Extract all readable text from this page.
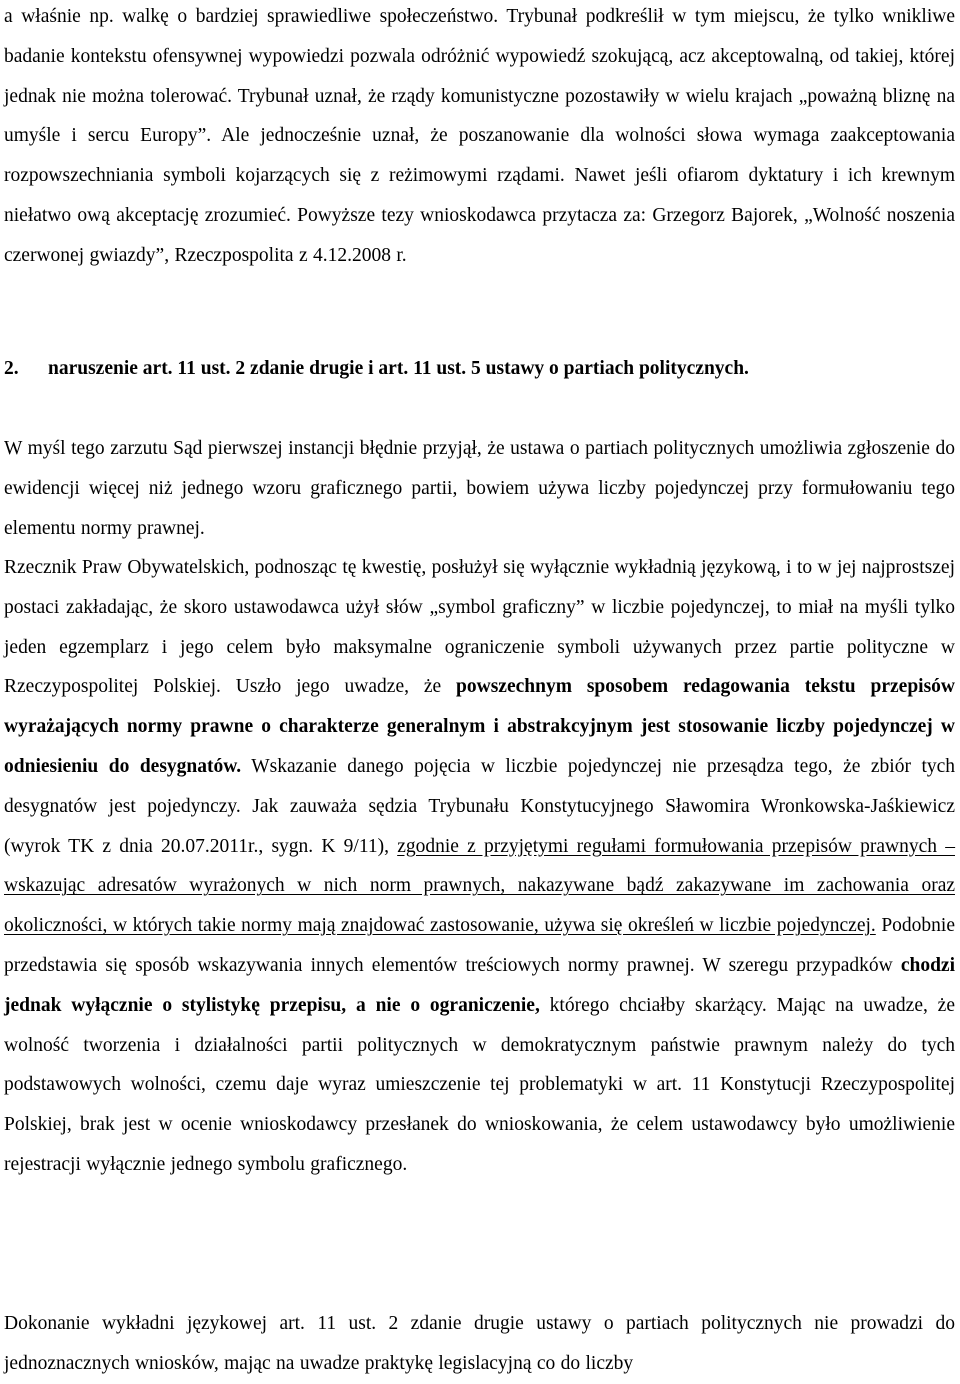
a właśnie np. walkę o bardziej sprawiedliwe społeczeństwo. Trybunał podkreślił w tym miejscu, że tylko wnikliwe badanie kontekstu ofensywnej wypowiedzi pozwala odróżnić wypowiedź szokującą, acz akceptowalną, od takiej, której jednak nie można tolerować. Trybunał uznał, że rządy komunistyczne pozostawiły w wielu krajach „poważną bliznę na umyśle i sercu Europy”. Ale jednocześnie uznał, że poszanowanie dla wolności słowa wymaga zaakceptowania rozpowszechniania symboli kojarzących się z reżimowymi rządami. Nawet jeśli ofiarom dyktatury i ich krewnym niełatwo ową akceptację zrozumieć. Powyższe tezy wnioskodawca przytacza za: Grzegorz Bajorek, „Wolność noszenia czerwonej gwiazdy”, Rzeczpospolita z 4.12.2008 r.

2. naruszenie art. 11 ust. 2 zdanie drugie i art. 11 ust. 5 ustawy o partiach politycznych.

W myśl tego zarzutu Sąd pierwszej instancji błędnie przyjął, że ustawa o partiach politycznych umożliwia zgłoszenie do ewidencji więcej niż jednego wzoru graficznego partii, bowiem używa liczby pojedynczej przy formułowaniu tego elementu normy prawnej.

Rzecznik Praw Obywatelskich, podnosząc tę kwestię, posłużył się wyłącznie wykładnią językową, i to w jej najprostszej postaci zakładając, że skoro ustawodawca użył słów „symbol graficzny” w liczbie pojedynczej, to miał na myśli tylko jeden egzemplarz i jego celem było maksymalne ograniczenie symboli używanych przez partie polityczne w Rzeczypospolitej Polskiej. Uszło jego uwadze, że powszechnym sposobem redagowania tekstu przepisów wyrażających normy prawne o charakterze generalnym i abstrakcyjnym jest stosowanie liczby pojedynczej w odniesieniu do desygnatów. Wskazanie danego pojęcia w liczbie pojedynczej nie przesądza tego, że zbiór tych desygnatów jest pojedynczy. Jak zauważa sędzia Trybunału Konstytucyjnego Sławomira Wronkowska-Jaśkiewicz (wyrok TK z dnia 20.07.2011r., sygn. K 9/11), zgodnie z przyjętymi regułami formułowania przepisów prawnych – wskazując adresatów wyrażonych w nich norm prawnych, nakazywane bądź zakazywane im zachowania oraz okoliczności, w których takie normy mają znajdować zastosowanie, używa się określeń w liczbie pojedynczej. Podobnie przedstawia się sposób wskazywania innych elementów treściowych normy prawnej. W szeregu przypadków chodzi jednak wyłącznie o stylistykę przepisu, a nie o ograniczenie, którego chciałby skarżący. Mając na uwadze, że wolność tworzenia i działalności partii politycznych w demokratycznym państwie prawnym należy do tych podstawowych wolności, czemu daje wyraz umieszczenie tej problematyki w art. 11 Konstytucji Rzeczypospolitej Polskiej, brak jest w ocenie wnioskodawcy przesłanek do wnioskowania, że celem ustawodawcy było umożliwienie rejestracji wyłącznie jednego symbolu graficznego.

Dokonanie wykładni językowej art. 11 ust. 2 zdanie drugie ustawy o partiach politycznych nie prowadzi do jednoznacznych wniosków, mając na uwadze praktykę legislacyjną co do liczby
